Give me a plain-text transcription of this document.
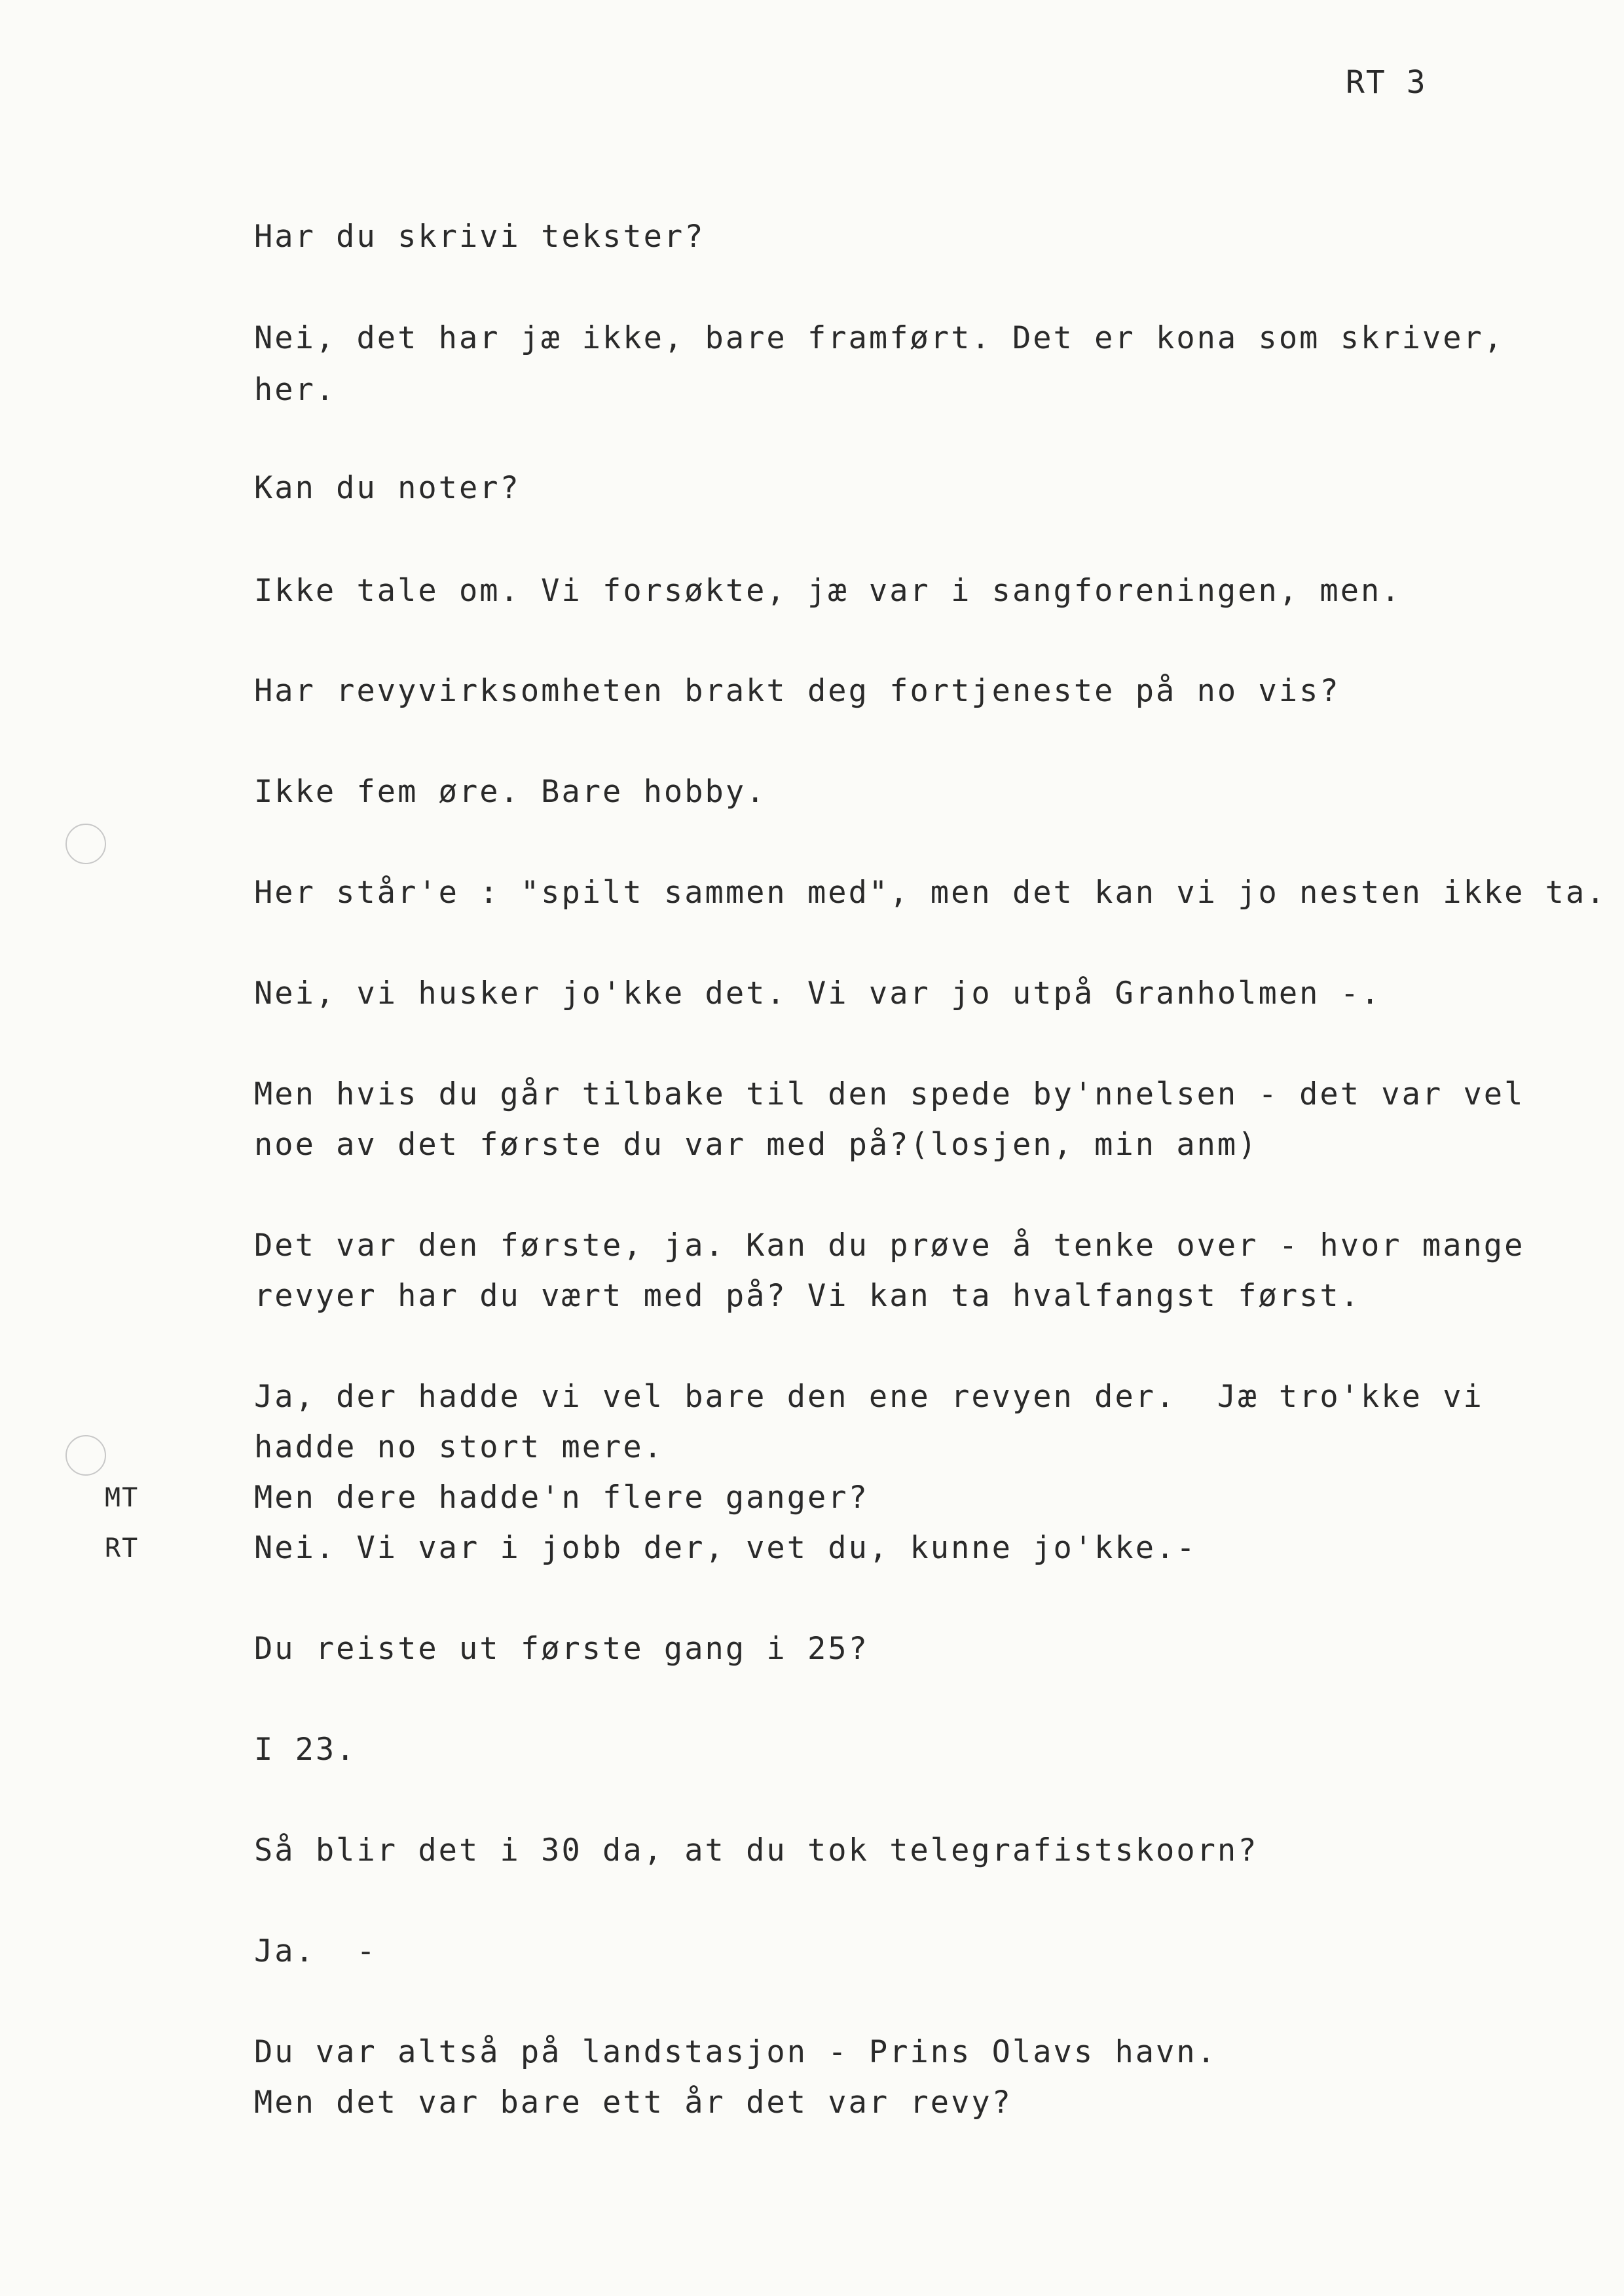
RT 3
Har du skrivi tekster?
Nei, det har jæ ikke, bare framført. Det er kona som skriver,
her.
Kan du noter?
Ikke tale om. Vi forsøkte, jæ var i sangforeningen, men.
Har revyvirksomheten brakt deg fortjeneste på no vis?
Ikke fem øre. Bare hobby.
Her står'e : "spilt sammen med", men det kan vi jo nesten ikke ta.
Nei, vi husker jo'kke det. Vi var jo utpå Granholmen -.
Men hvis du går tilbake til den spede by'nnelsen - det var vel
noe av det første du var med på?(losjen, min anm)
Det var den første, ja. Kan du prøve å tenke over - hvor mange
revyer har du vært med på? Vi kan ta hvalfangst først.
Ja, der hadde vi vel bare den ene revyen der.  Jæ tro'kke vi
hadde no stort mere.
MT	Men dere hadde'n flere ganger?
RT	Nei. Vi var i jobb der, vet du, kunne jo'kke.-
Du reiste ut første gang i 25?
I 23.
Så blir det i 30 da, at du tok telegrafistskoorn?
Ja.  -
Du var altså på landstasjon - Prins Olavs havn.
Men det var bare ett år det var revy?
